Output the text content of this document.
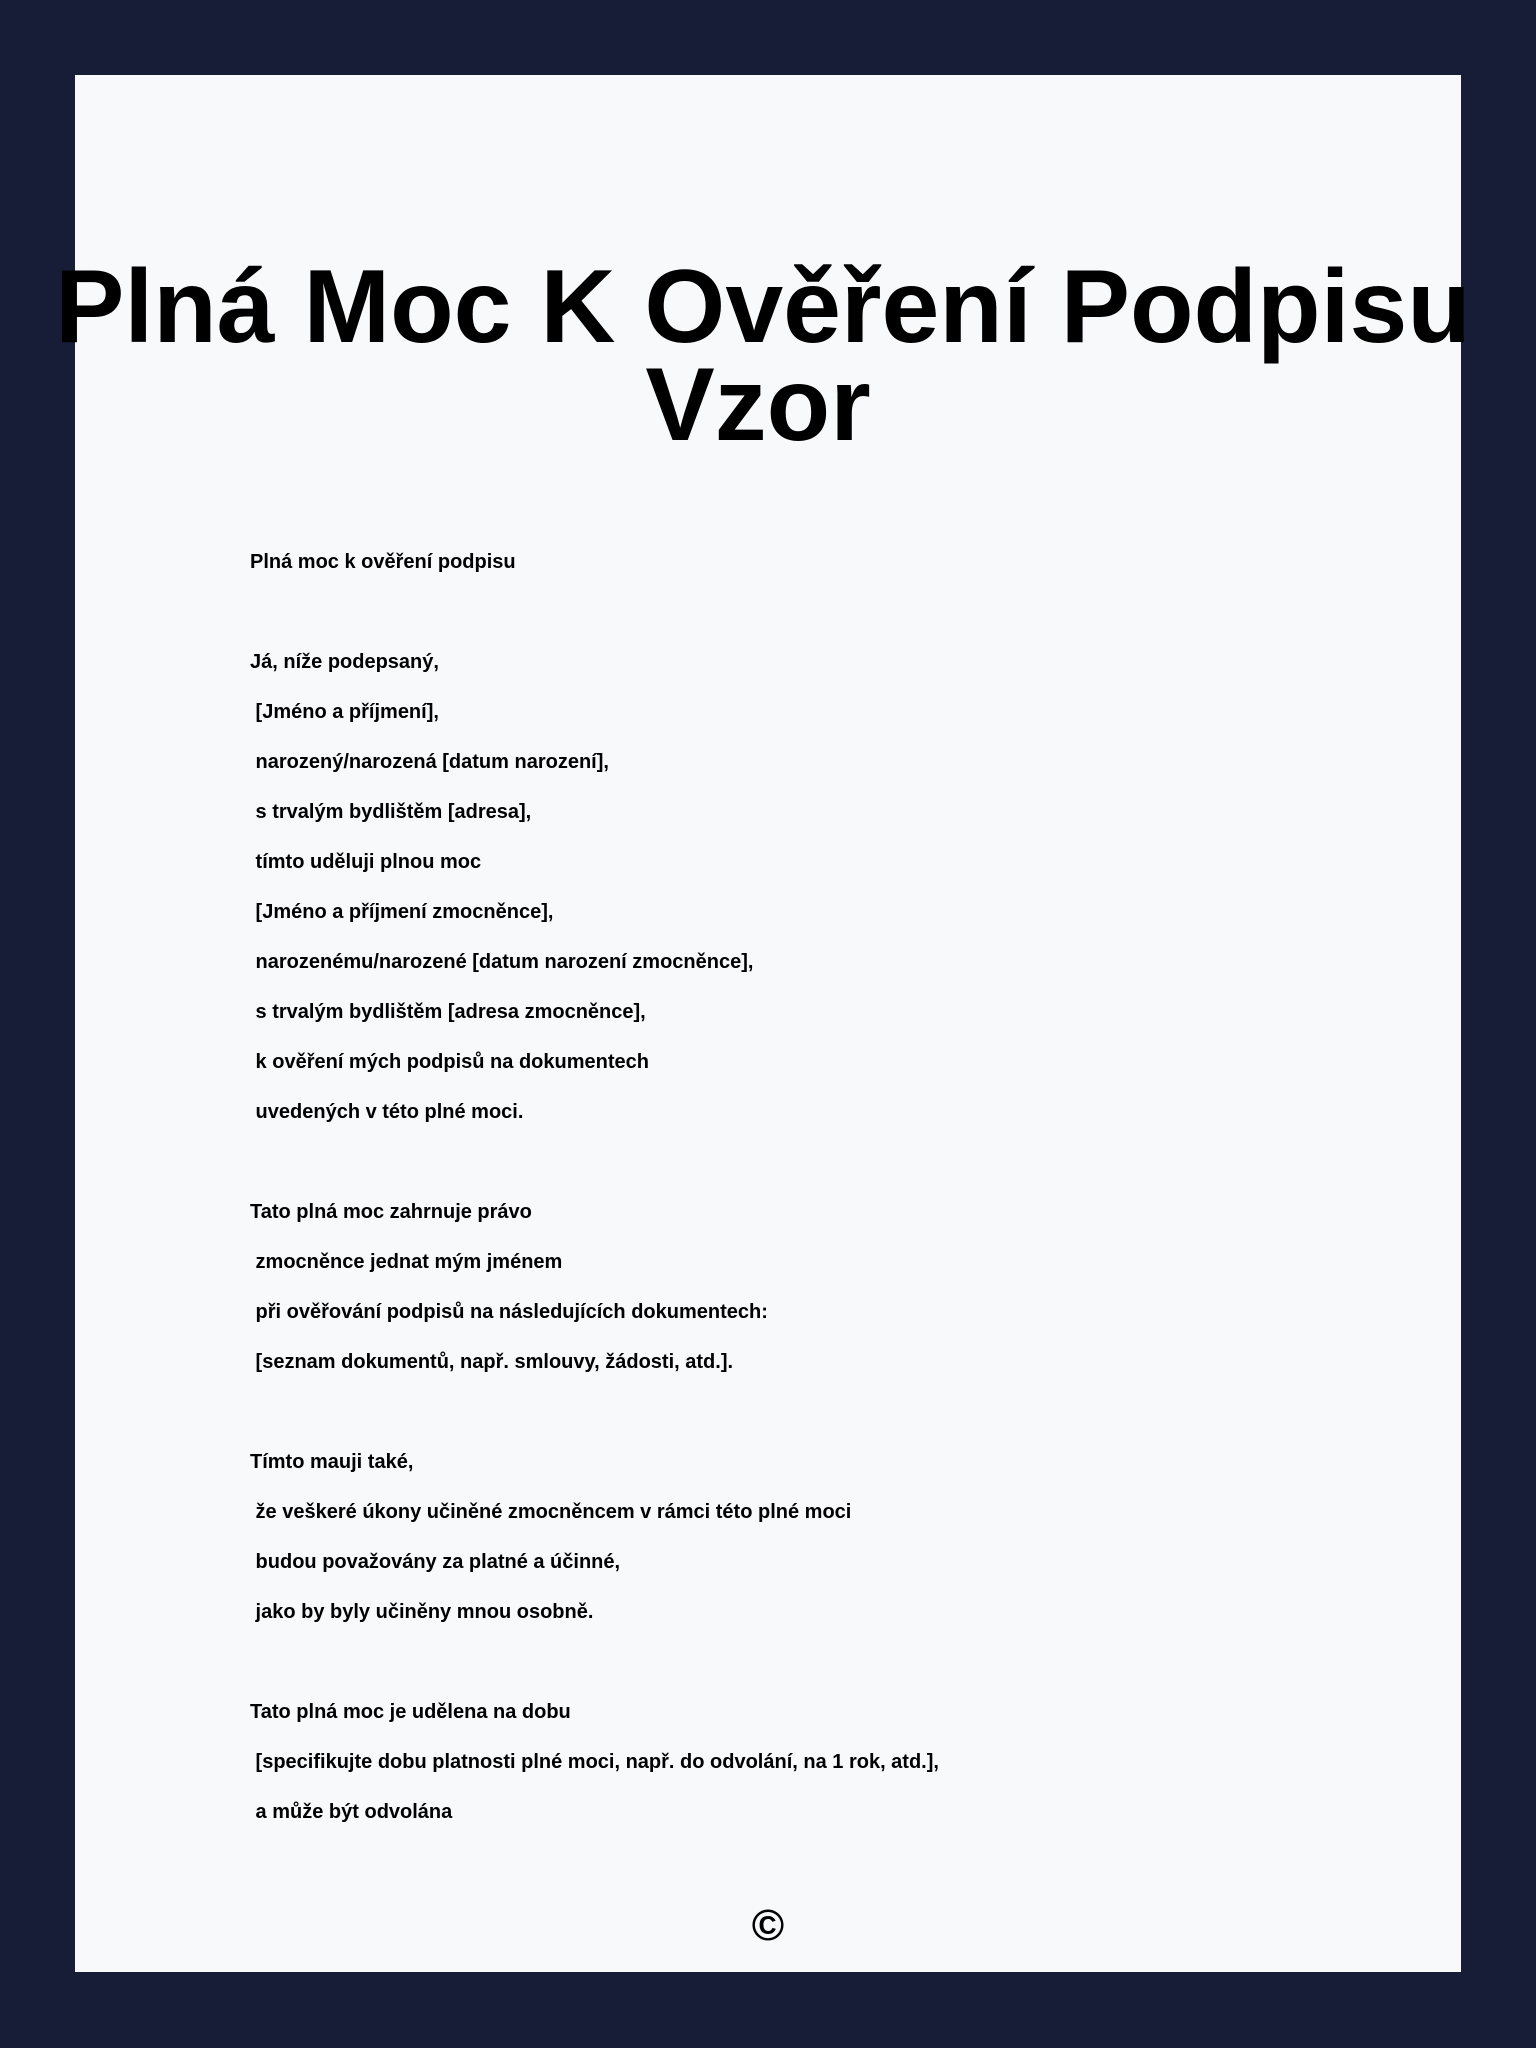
Plná Moc K Ověření Podpisu
Vzor
Plná moc k ověření podpisu
Já, níže podepsaný,
[Jméno a příjmení],
narozený/narozená [datum narození],
s trvalým bydlištěm [adresa],
tímto uděluji plnou moc
[Jméno a příjmení zmocněnce],
narozenému/narozené [datum narození zmocněnce],
s trvalým bydlištěm [adresa zmocněnce],
k ověření mých podpisů na dokumentech
uvedených v této plné moci.
Tato plná moc zahrnuje právo
zmocněnce jednat mým jménem
při ověřování podpisů na následujících dokumentech:
[seznam dokumentů, např. smlouvy, žádosti, atd.].
Tímto mauji také,
že veškeré úkony učiněné zmocněncem v rámci této plné moci
budou považovány za platné a účinné,
jako by byly učiněny mnou osobně.
Tato plná moc je udělena na dobu
[specifikujte dobu platnosti plné moci, např. do odvolání, na 1 rok, atd.],
a může být odvolána
©
